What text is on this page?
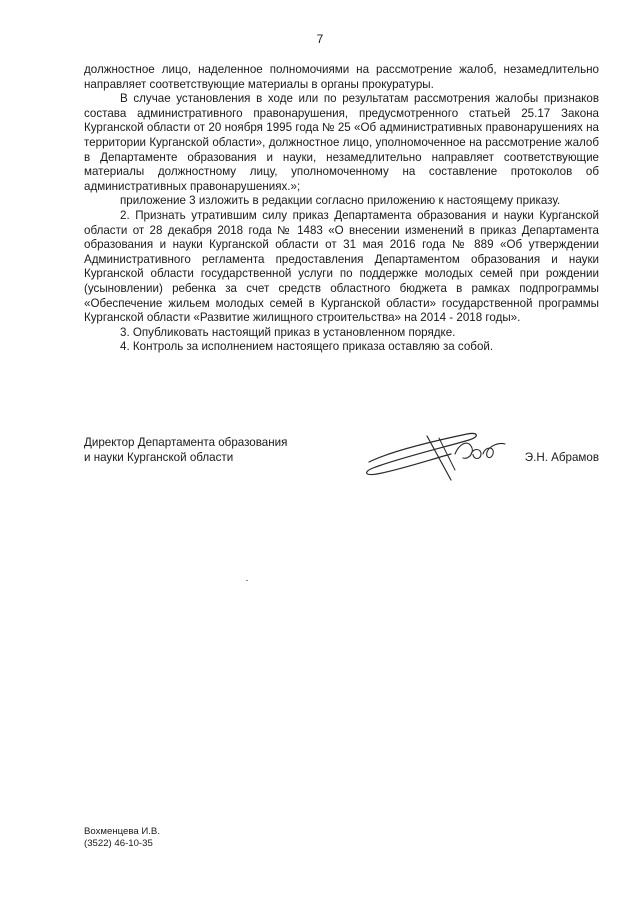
7

должностное лицо, наделенное полномочиями на рассмотрение жалоб, незамедлительно направляет соответствующие материалы в органы прокуратуры.

В случае установления в ходе или по результатам рассмотрения жалобы признаков состава административного правонарушения, предусмотренного статьей 25.17 Закона Курганской области от 20 ноября 1995 года № 25 «Об административных правонарушениях на территории Курганской области», должностное лицо, уполномоченное на рассмотрение жалоб в Департаменте образования и науки, незамедлительно направляет соответствующие материалы должностному лицу, уполномоченному на составление протоколов об административных правонарушениях.»;

приложение 3 изложить в редакции согласно приложению к настоящему приказу.

2. Признать утратившим силу приказ Департамента образования и науки Курганской области от 28 декабря 2018 года № 1483 «О внесении изменений в приказ Департамента образования и науки Курганской области от 31 мая 2016 года № 889 «Об утверждении Административного регламента предоставления Департаментом образования и науки Курганской области государственной услуги по поддержке молодых семей при рождении (усыновлении) ребенка за счет средств областного бюджета в рамках подпрограммы «Обеспечение жильем молодых семей в Курганской области» государственной программы Курганской области «Развитие жилищного строительства» на 2014 - 2018 годы».

3. Опубликовать настоящий приказ в установленном порядке.

4. Контроль за исполнением настоящего приказа оставляю за собой.

Директор Департамента образования
и науки Курганской области	Э.Н. Абрамов
Вохменцева И.В.
(3522) 46-10-35
